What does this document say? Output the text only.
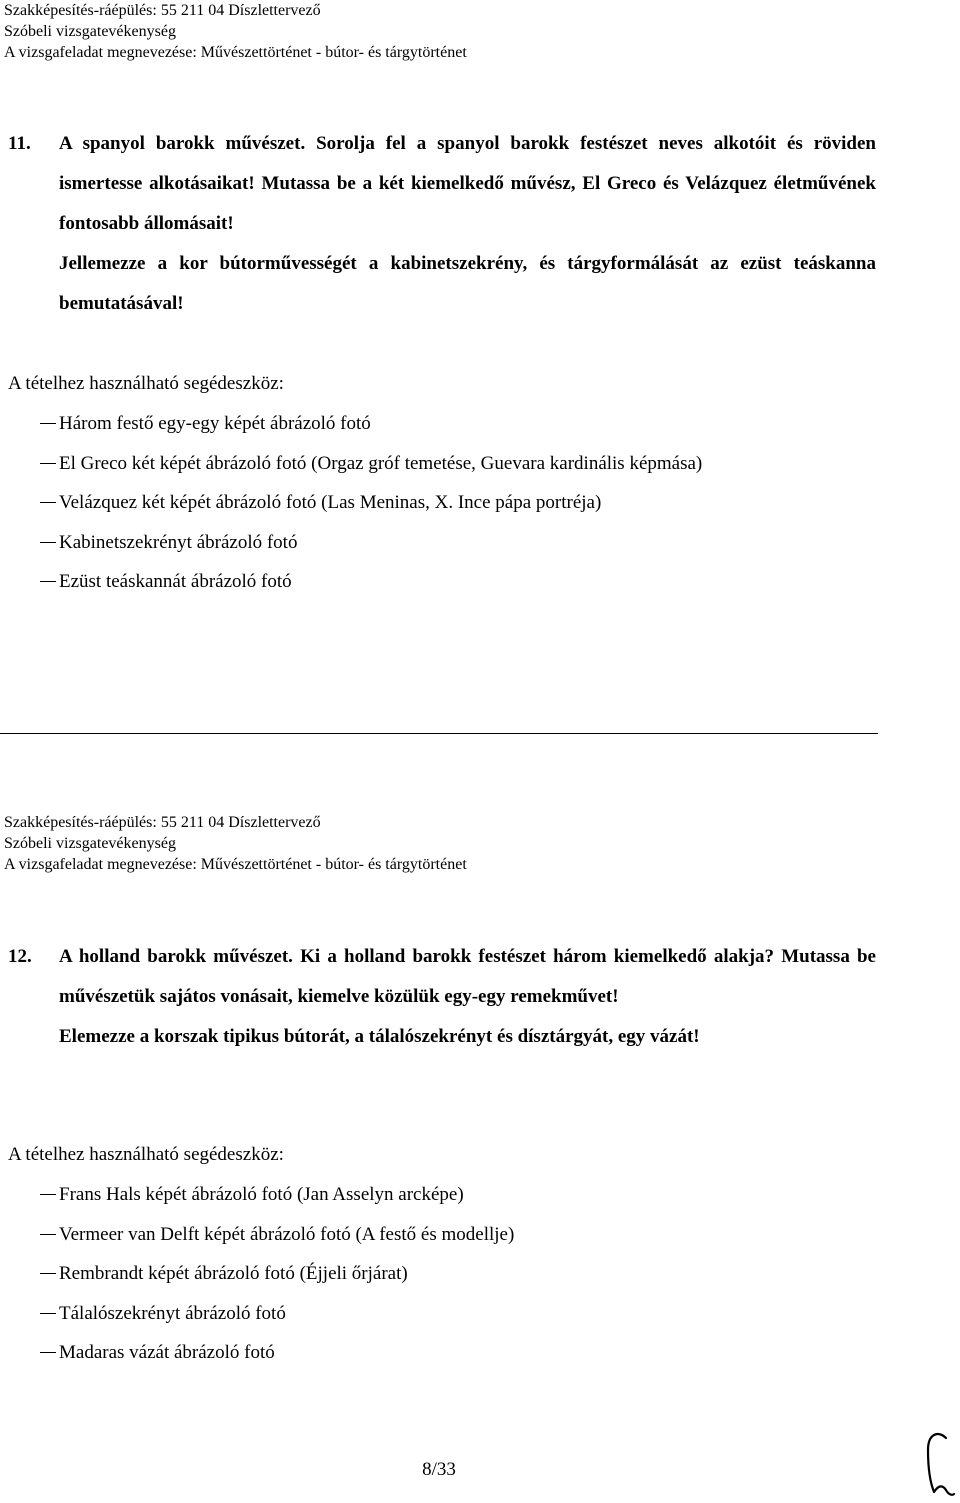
Szakképesítés-ráépülés: 55 211 04 Díszlettervező
Szóbeli vizsgatevékenység
A vizsgafeladat megnevezése: Művészettörténet - bútor- és tárgytörténet
11. A spanyol barokk művészet. Sorolja fel a spanyol barokk festészet neves alkotóit és röviden ismertesse alkotásaikat! Mutassa be a két kiemelkedő művész, El Greco és Velázquez életművének fontosabb állomásait!

Jellemezze a kor bútorművességét a kabinetszekrény, és tárgyformálását az ezüst teáskanna bemutatásával!

A tételhez használható segédeszköz:
Három festő egy-egy képét ábrázoló fotó
El Greco két képét ábrázoló fotó (Orgaz gróf temetése, Guevara kardinális képmása)
Velázquez két képét ábrázoló fotó (Las Meninas, X. Ince pápa portréja)
Kabinetszekrényt ábrázoló fotó
Ezüst teáskannát ábrázoló fotó
Szakképesítés-ráépülés: 55 211 04 Díszlettervező
Szóbeli vizsgatevékenység
A vizsgafeladat megnevezése: Művészettörténet - bútor- és tárgytörténet
12. A holland barokk művészet. Ki a holland barokk festészet három kiemelkedő alakja? Mutassa be művészetük sajátos vonásait, kiemelve közülük egy-egy remekművet!

Elemezze a korszak tipikus bútorát, a tálalószekrényt és dísztárgyát, egy vázát!

A tételhez használható segédeszköz:
Frans Hals képét ábrázoló fotó (Jan Asselyn arcképe)
Vermeer van Delft képét ábrázoló fotó (A festő és modellje)
Rembrandt képét ábrázoló fotó (Éjjeli őrjárat)
Tálalószekrényt ábrázoló fotó
Madaras vázát ábrázoló fotó
8/33
